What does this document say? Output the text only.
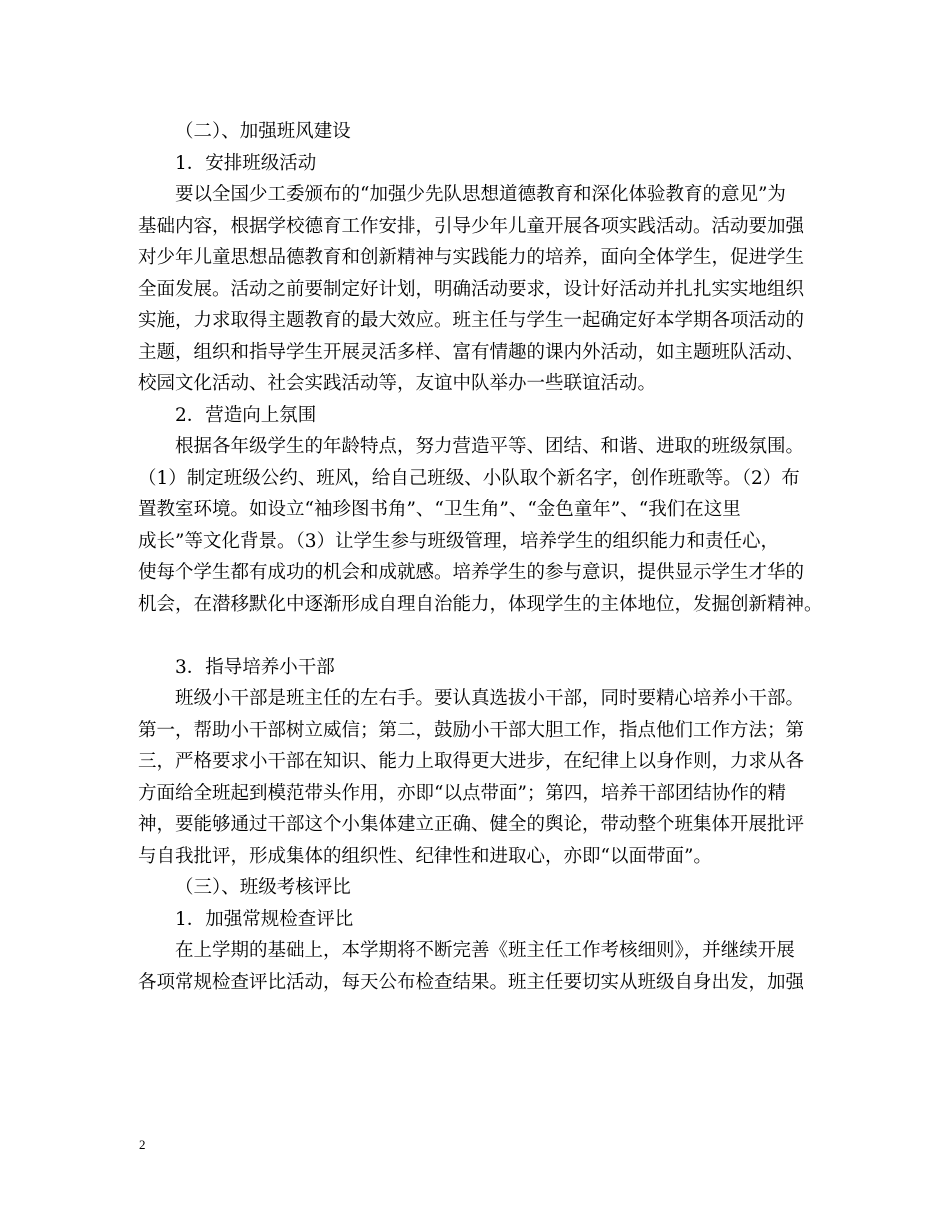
（二）、加强班风建设
1．安排班级活动
要以全国少工委颁布的“加强少先队思想道德教育和深化体验教育的意见”为
基础内容，根据学校德育工作安排，引导少年儿童开展各项实践活动。活动要加强
对少年儿童思想品德教育和创新精神与实践能力的培养，面向全体学生，促进学生
全面发展。活动之前要制定好计划，明确活动要求，设计好活动并扎扎实实地组织
实施，力求取得主题教育的最大效应。班主任与学生一起确定好本学期各项活动的
主题，组织和指导学生开展灵活多样、富有情趣的课内外活动，如主题班队活动、
校园文化活动、社会实践活动等，友谊中队举办一些联谊活动。
2．营造向上氛围
根据各年级学生的年龄特点，努力营造平等、团结、和谐、进取的班级氛围。
（1）制定班级公约、班风，给自己班级、小队取个新名字，创作班歌等。（2）布
置教室环境。如设立“袖珍图书角”、“卫生角”、“金色童年”、“我们在这里
成长”等文化背景。（3）让学生参与班级管理，培养学生的组织能力和责任心，
使每个学生都有成功的机会和成就感。培养学生的参与意识，提供显示学生才华的
机会，在潜移默化中逐渐形成自理自治能力，体现学生的主体地位，发掘创新精神。
3．指导培养小干部
班级小干部是班主任的左右手。要认真选拔小干部，同时要精心培养小干部。
第一，帮助小干部树立威信；第二，鼓励小干部大胆工作，指点他们工作方法；第
三，严格要求小干部在知识、能力上取得更大进步，在纪律上以身作则，力求从各
方面给全班起到模范带头作用，亦即“以点带面”；第四，培养干部团结协作的精
神，要能够通过干部这个小集体建立正确、健全的舆论，带动整个班集体开展批评
与自我批评，形成集体的组织性、纪律性和进取心，亦即“以面带面”。
（三）、班级考核评比
1．加强常规检查评比
在上学期的基础上，本学期将不断完善《班主任工作考核细则》，并继续开展
各项常规检查评比活动，每天公布检查结果。班主任要切实从班级自身出发，加强
2
